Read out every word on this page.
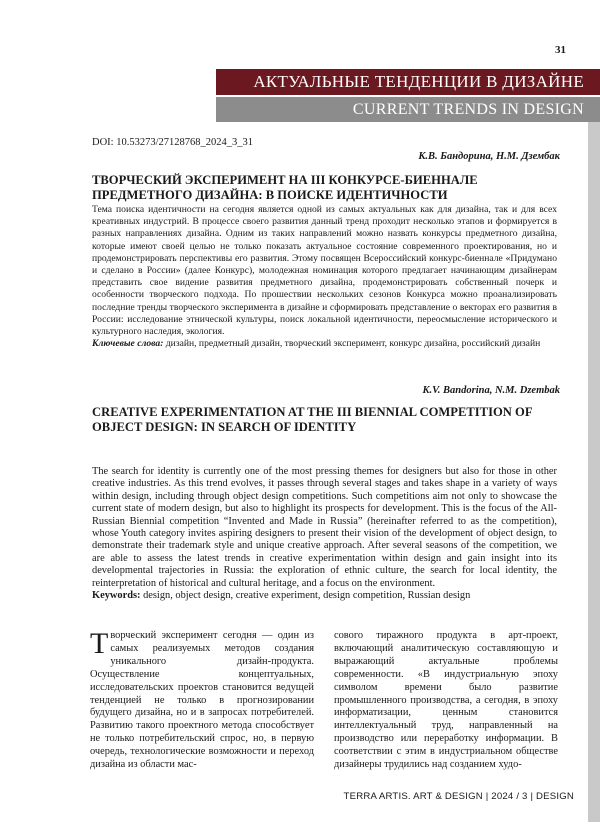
31
АКТУАЛЬНЫЕ ТЕНДЕНЦИИ В ДИЗАЙНЕ
CURRENT TRENDS IN DESIGN
DOI: 10.53273/27128768_2024_3_31
К.В. Бандорина, Н.М. Дзембак
ТВОРЧЕСКИЙ ЭКСПЕРИМЕНТ НА III КОНКУРСЕ-БИЕННАЛЕ ПРЕДМЕТНОГО ДИЗАЙНА: В ПОИСКЕ ИДЕНТИЧНОСТИ
Тема поиска идентичности на сегодня является одной из самых актуальных как для дизайна, так и для всех креативных индустрий. В процессе своего развития данный тренд проходит несколько этапов и формируется в разных направлениях дизайна. Одним из таких направлений можно назвать конкурсы предметного дизайна, которые имеют своей целью не только показать актуальное состояние современного проектирования, но и продемонстрировать перспективы его развития. Этому посвящен Всероссийский конкурс-биеннале «Придумано и сделано в России» (далее Конкурс), молодежная номинация которого предлагает начинающим дизайнерам представить свое видение развития предметного дизайна, продемонстрировать собственный почерк и особенности творческого подхода. По прошествии нескольких сезонов Конкурса можно проанализировать последние тренды творческого эксперимента в дизайне и сформировать представление о векторах его развития в России: исследование этнической культуры, поиск локальной идентичности, переосмысление исторического и культурного наследия, экология.
Ключевые слова: дизайн, предметный дизайн, творческий эксперимент, конкурс дизайна, российский дизайн
K.V. Bandorina, N.M. Dzembak
CREATIVE EXPERIMENTATION AT THE III BIENNIAL COMPETITION OF OBJECT DESIGN: IN SEARCH OF IDENTITY
The search for identity is currently one of the most pressing themes for designers but also for those in other creative industries. As this trend evolves, it passes through several stages and takes shape in a variety of ways within design, including through object design competitions. Such competitions aim not only to showcase the current state of modern design, but also to highlight its prospects for development. This is the focus of the All-Russian Biennial competition “Invented and Made in Russia” (hereinafter referred to as the competition), whose Youth category invites aspiring designers to present their vision of the development of object design, to demonstrate their trademark style and unique creative approach. After several seasons of the competition, we are able to assess the latest trends in creative experimentation within design and gain insight into its developmental trajectories in Russia: the exploration of ethnic culture, the search for local identity, the reinterpretation of historical and cultural heritage, and a focus on the environment.
Keywords: design, object design, creative experiment, design competition, Russian design
Творческий эксперимент сегодня — один из самых реализуемых методов создания уникального дизайн-продукта. Осуществление концептуальных, исследовательских проектов становится ведущей тенденцией не только в прогнозировании будущего дизайна, но и в запросах потребителей. Развитию такого проектного метода способствует не только потребительский спрос, но, в первую очередь, технологические возможности и переход дизайна из области мас-
сового тиражного продукта в арт-проект, включающий аналитическую составляющую и выражающий актуальные проблемы современности. «В индустриальную эпоху символом времени было развитие промышленного производства, а сегодня, в эпоху информатизации, ценным становится интеллектуальный труд, направленный на производство или переработку информации. В соответствии с этим в индустриальном обществе дизайнеры трудились над созданием худо-
TERRA ARTIS. ART & DESIGN | 2024 / 3 | DESIGN
